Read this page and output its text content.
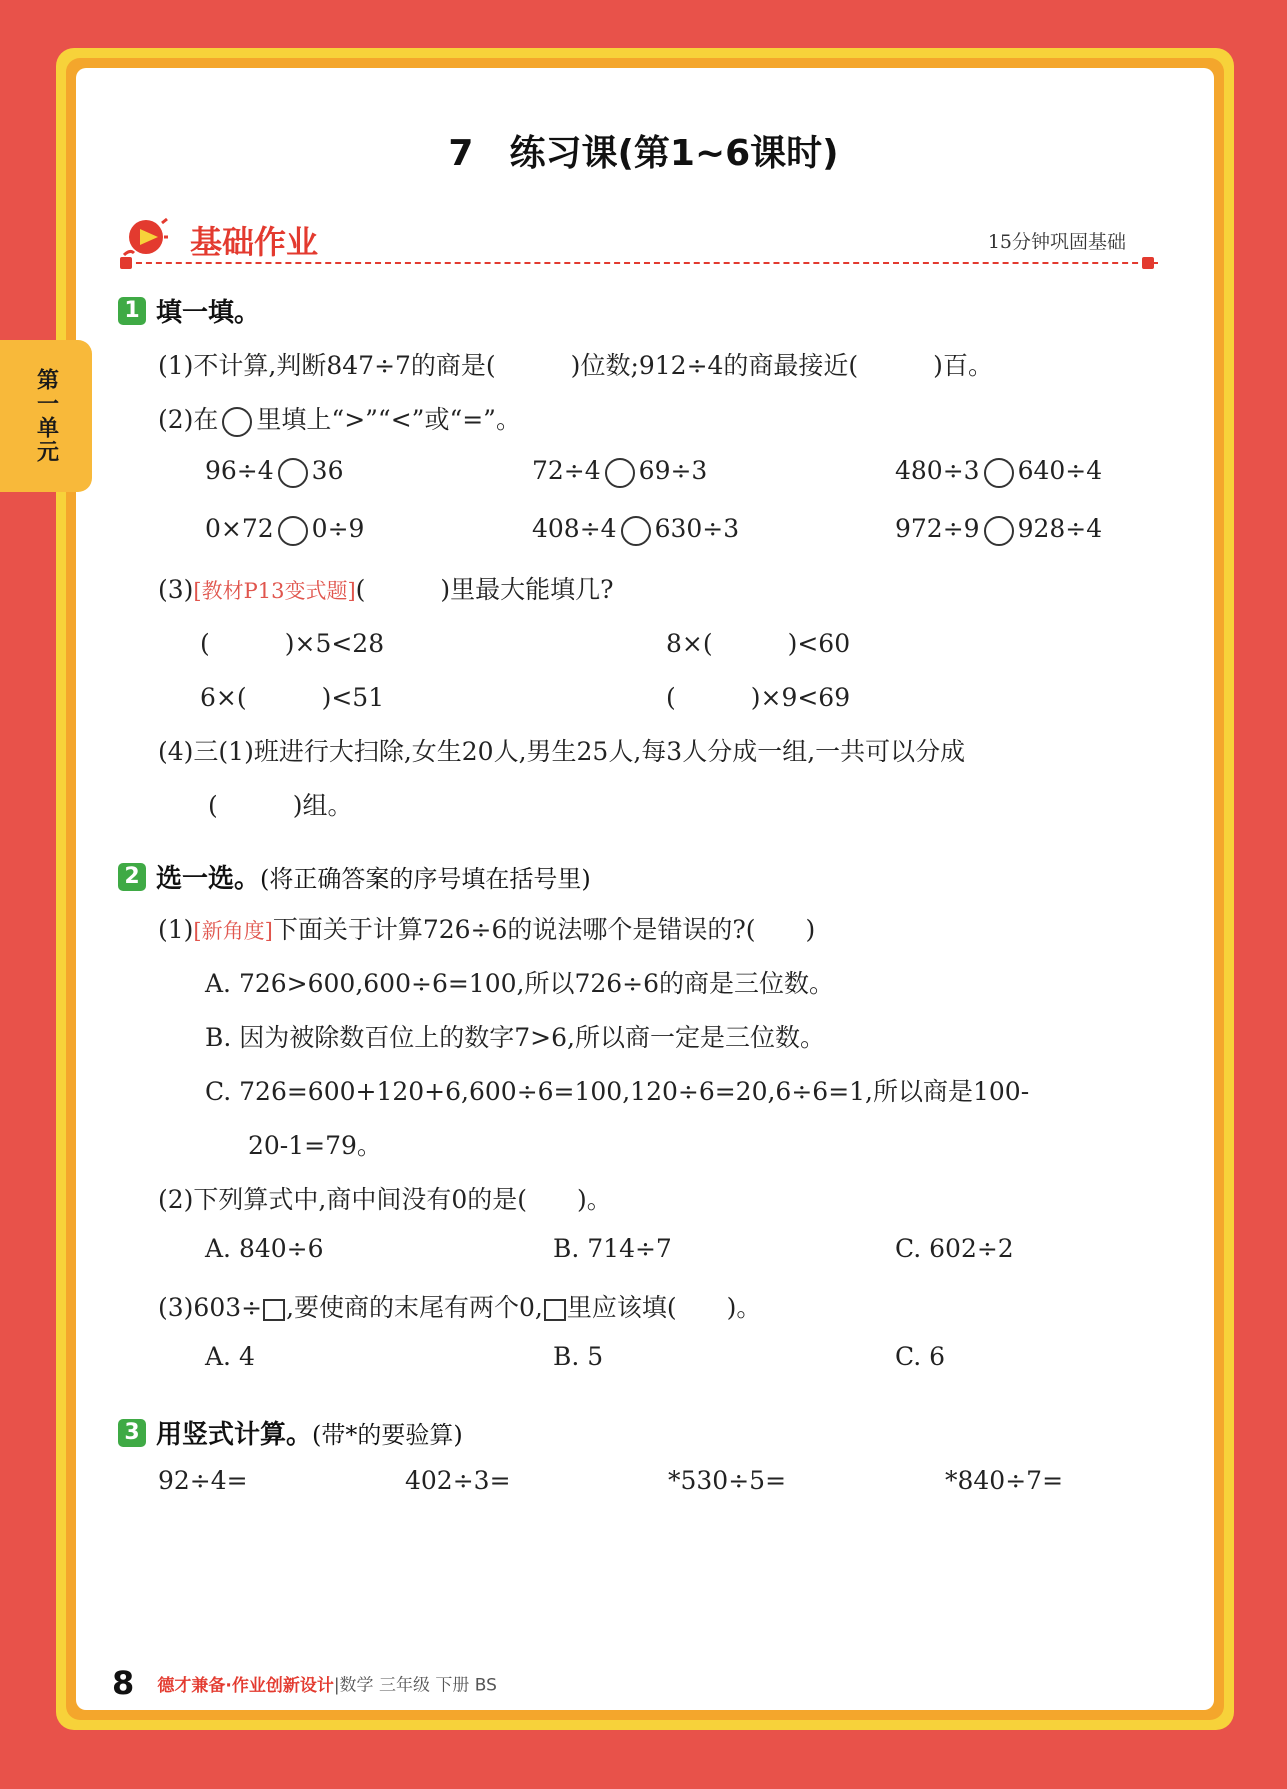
第一单元
7　练习课(第1~6课时)
基础作业	15分钟巩固基础
1 填一填。
(1)不计算,判断847÷7的商是(　　　)位数;912÷4的商最接近(　　　)百。
(2)在 里填上“>”“<”或“=”。
96÷4 36	72÷4 69÷3	480÷3 640÷4
0×72 0÷9	408÷4 630÷3	972÷9 928÷4
(3)[教材P13变式题](　　　)里最大能填几?
(　　　)×5<28	8×(　　　)<60
6×(　　　)<51	(　　　)×9<69
(4)三(1)班进行大扫除,女生20人,男生25人,每3人分成一组,一共可以分成
(　　　)组。
2 选一选。 (将正确答案的序号填在括号里)
(1)[新角度]下面关于计算726÷6的说法哪个是错误的?(　　)
A. 726>600,600÷6=100,所以726÷6的商是三位数。
B. 因为被除数百位上的数字7>6,所以商一定是三位数。
C. 726=600+120+6,600÷6=100,120÷6=20,6÷6=1,所以商是100-
20-1=79。
(2)下列算式中,商中间没有0的是(　　)。
A. 840÷6	B. 714÷7	C. 602÷2
(3)603÷ ,要使商的末尾有两个0, 里应该填(　　)。
A. 4	B. 5	C. 6
3 用竖式计算。 (带*的要验算)
92÷4=	402÷3=	*530÷5=	*840÷7=
8 德才兼备·作业创新设计|数学 三年级 下册 BS
